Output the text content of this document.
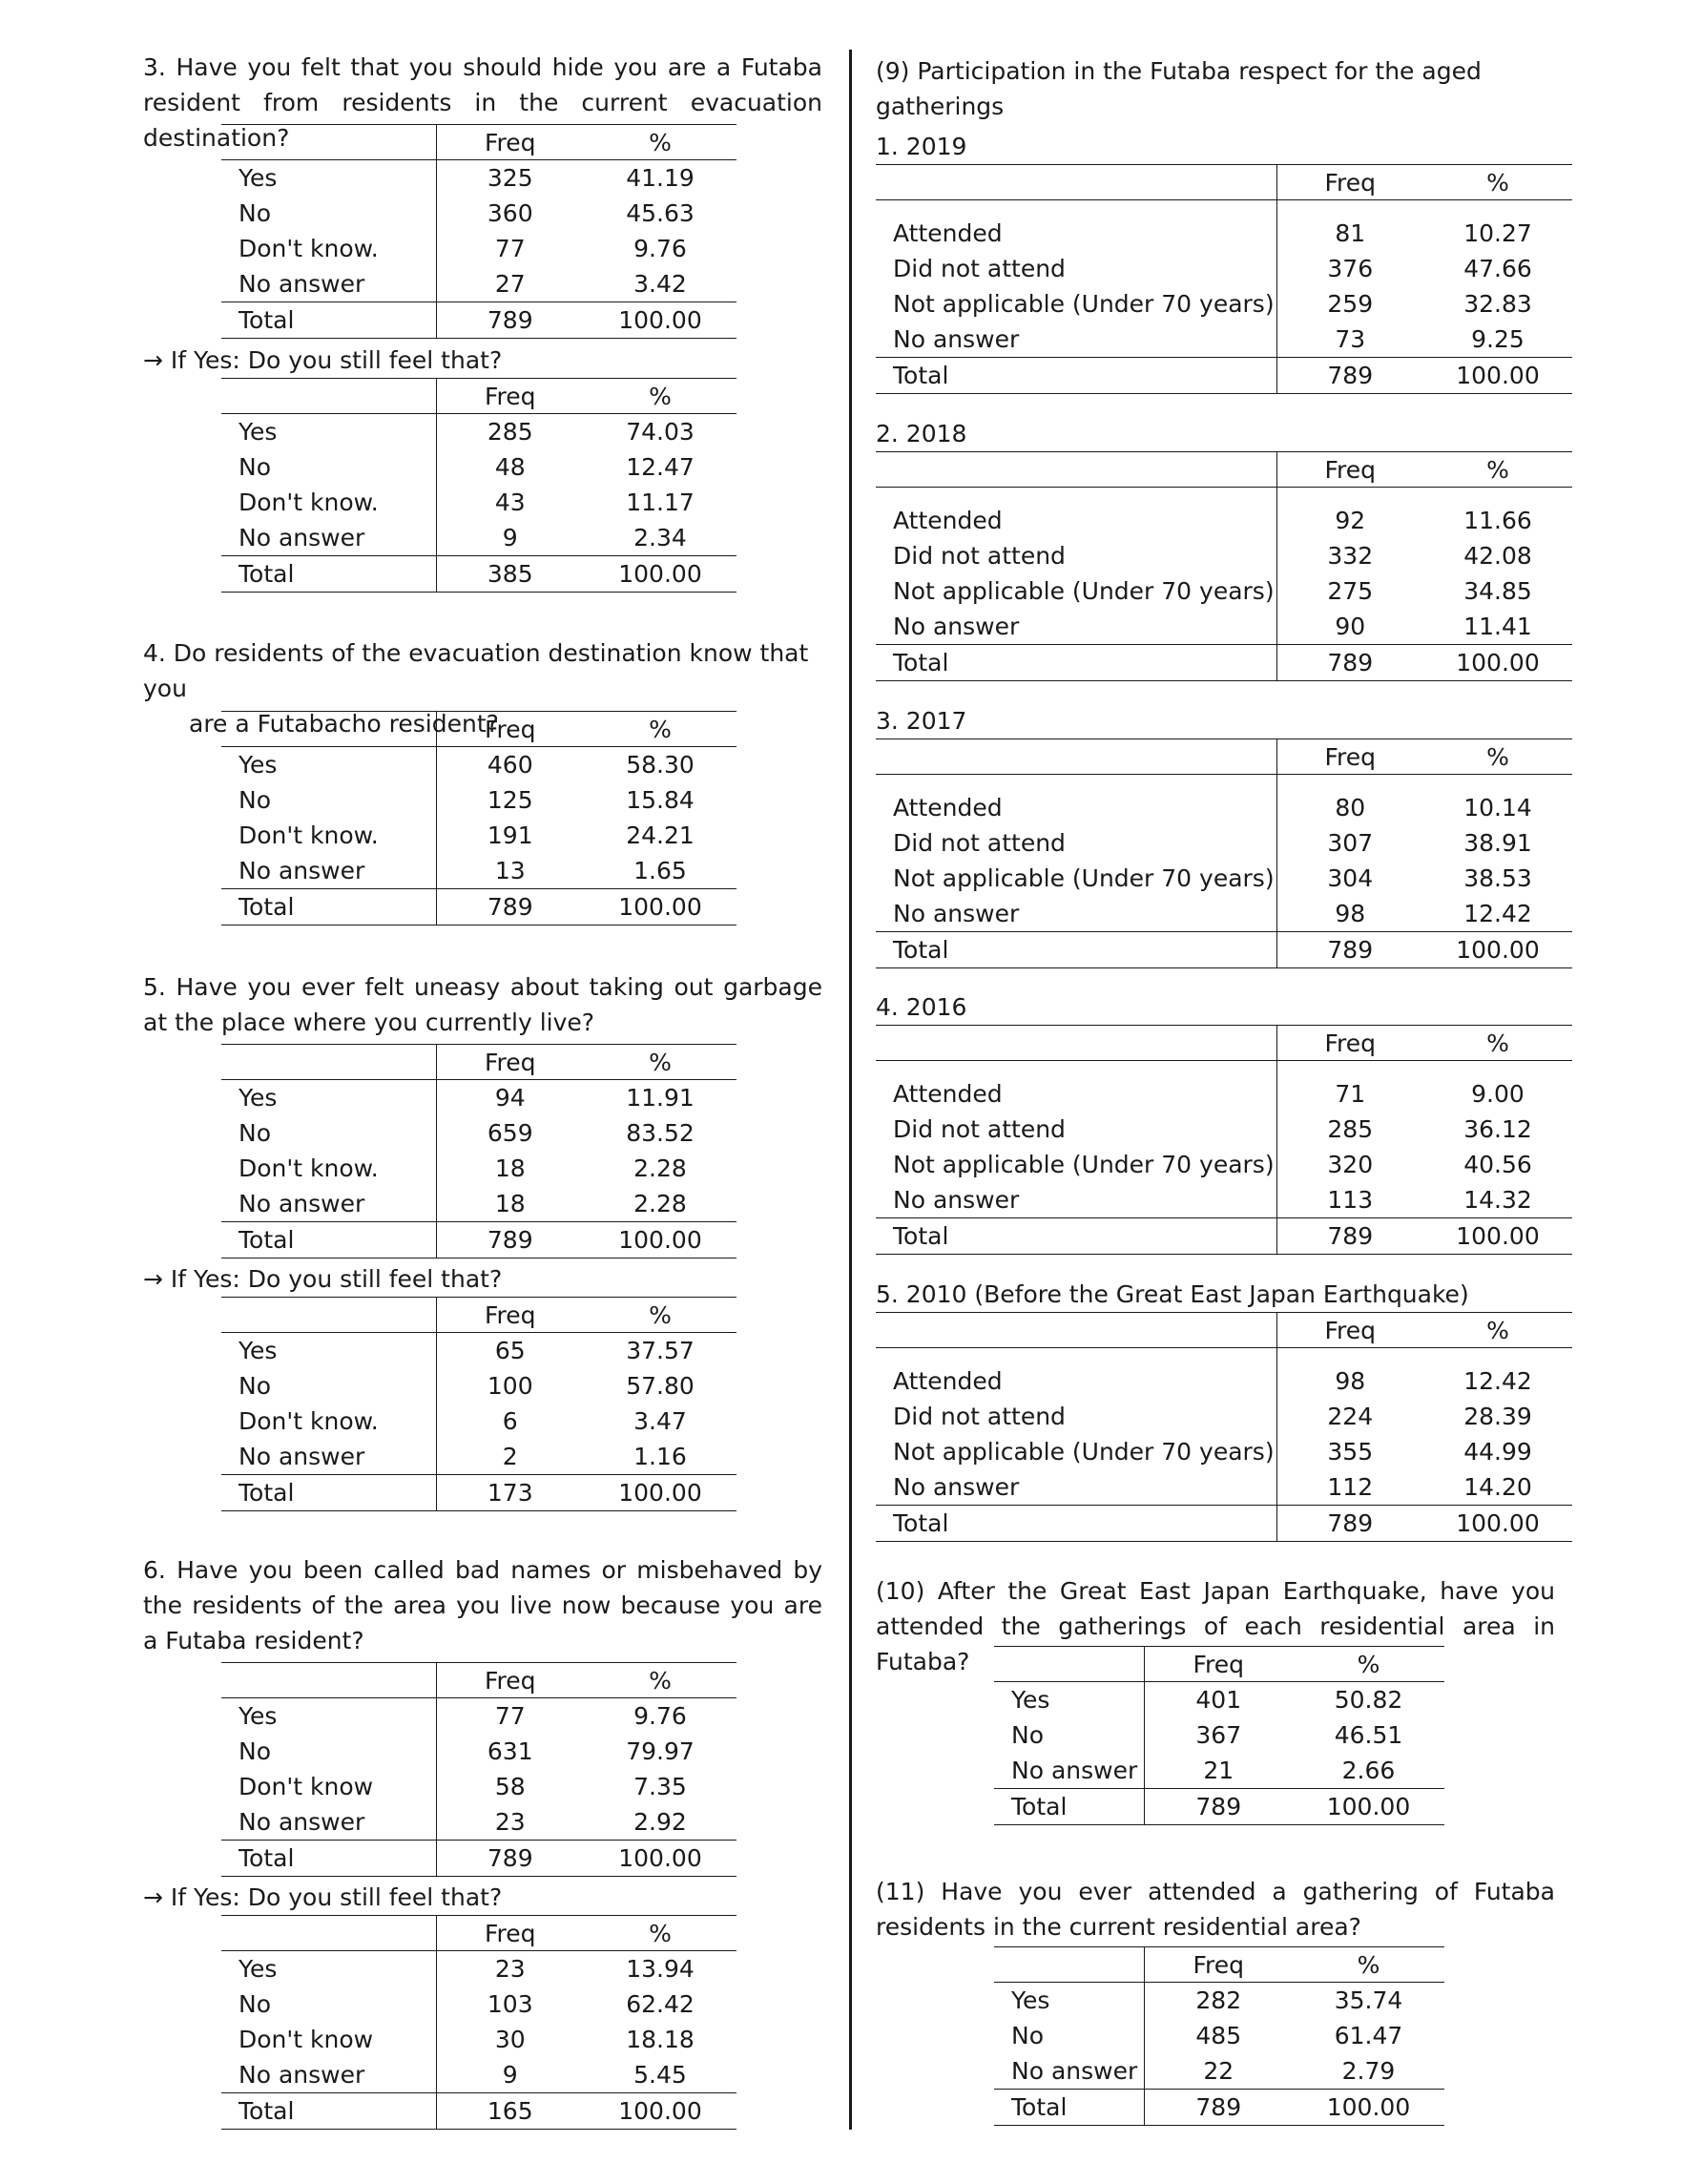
3. Have you felt that you should hide you are a Futaba resident from residents in the current evacuation destination?

		Freq	%
Yes	325	41.19
No	360	45.63
Don't know.	77	9.76
No answer	27	3.42
Total	789	100.00
→ If Yes: Do you still feel that?
	Freq	%
Yes	285	74.03
No	48	12.47
Don't know.	43	11.17
No answer	9	2.34
Total	385	100.00

4. Do residents of the evacuation destination know that you
are a Futabacho resident?

	Freq	%
Yes	460	58.30
No	125	15.84
Don't know.	191	24.21
No answer	13	1.65
Total	789	100.00

5. Have you ever felt uneasy about taking out garbage at the place where you currently live?

	Freq	%
Yes	94	11.91
No	659	83.52
Don't know.	18	2.28
No answer	18	2.28
Total	789	100.00
→ If Yes: Do you still feel that?
	Freq	%
Yes	65	37.57
No	100	57.80
Don't know.	6	3.47
No answer	2	1.16
Total	173	100.00

6. Have you been called bad names or misbehaved by the residents of the area you live now because you are a Futaba resident?

	Freq	%
Yes	77	9.76
No	631	79.97
Don't know	58	7.35
No answer	23	2.92
Total	789	100.00
→ If Yes: Do you still feel that?
	Freq	%
Yes	23	13.94
No	103	62.42
Don't know	30	18.18
No answer	9	5.45
Total	165	100.00

(9) Participation in the Futaba respect for the aged gatherings

1. 2019
	Freq	%

Attended	81	10.27
Did not attend	376	47.66
Not applicable (Under 70 years)	259	32.83
No answer	73	9.25
Total	789	100.00
2. 2018
	Freq	%

Attended	92	11.66
Did not attend	332	42.08
Not applicable (Under 70 years)	275	34.85
No answer	90	11.41
Total	789	100.00
3. 2017
	Freq	%

Attended	80	10.14
Did not attend	307	38.91
Not applicable (Under 70 years)	304	38.53
No answer	98	12.42
Total	789	100.00
4. 2016
	Freq	%

Attended	71	9.00
Did not attend	285	36.12
Not applicable (Under 70 years)	320	40.56
No answer	113	14.32
Total	789	100.00
5. 2010 (Before the Great East Japan Earthquake)
	Freq	%

Attended	98	12.42
Did not attend	224	28.39
Not applicable (Under 70 years)	355	44.99
No answer	112	14.20
Total	789	100.00

(10) After the Great East Japan Earthquake, have you attended the gatherings of each residential area in Futaba?

		Freq	%
Yes	401	50.82
No	367	46.51
No answer	21	2.66
Total	789	100.00

(11) Have you ever attended a gathering of Futaba residents in the current residential area?

	Freq	%
Yes	282	35.74
No	485	61.47
No answer	22	2.79
Total	789	100.00
